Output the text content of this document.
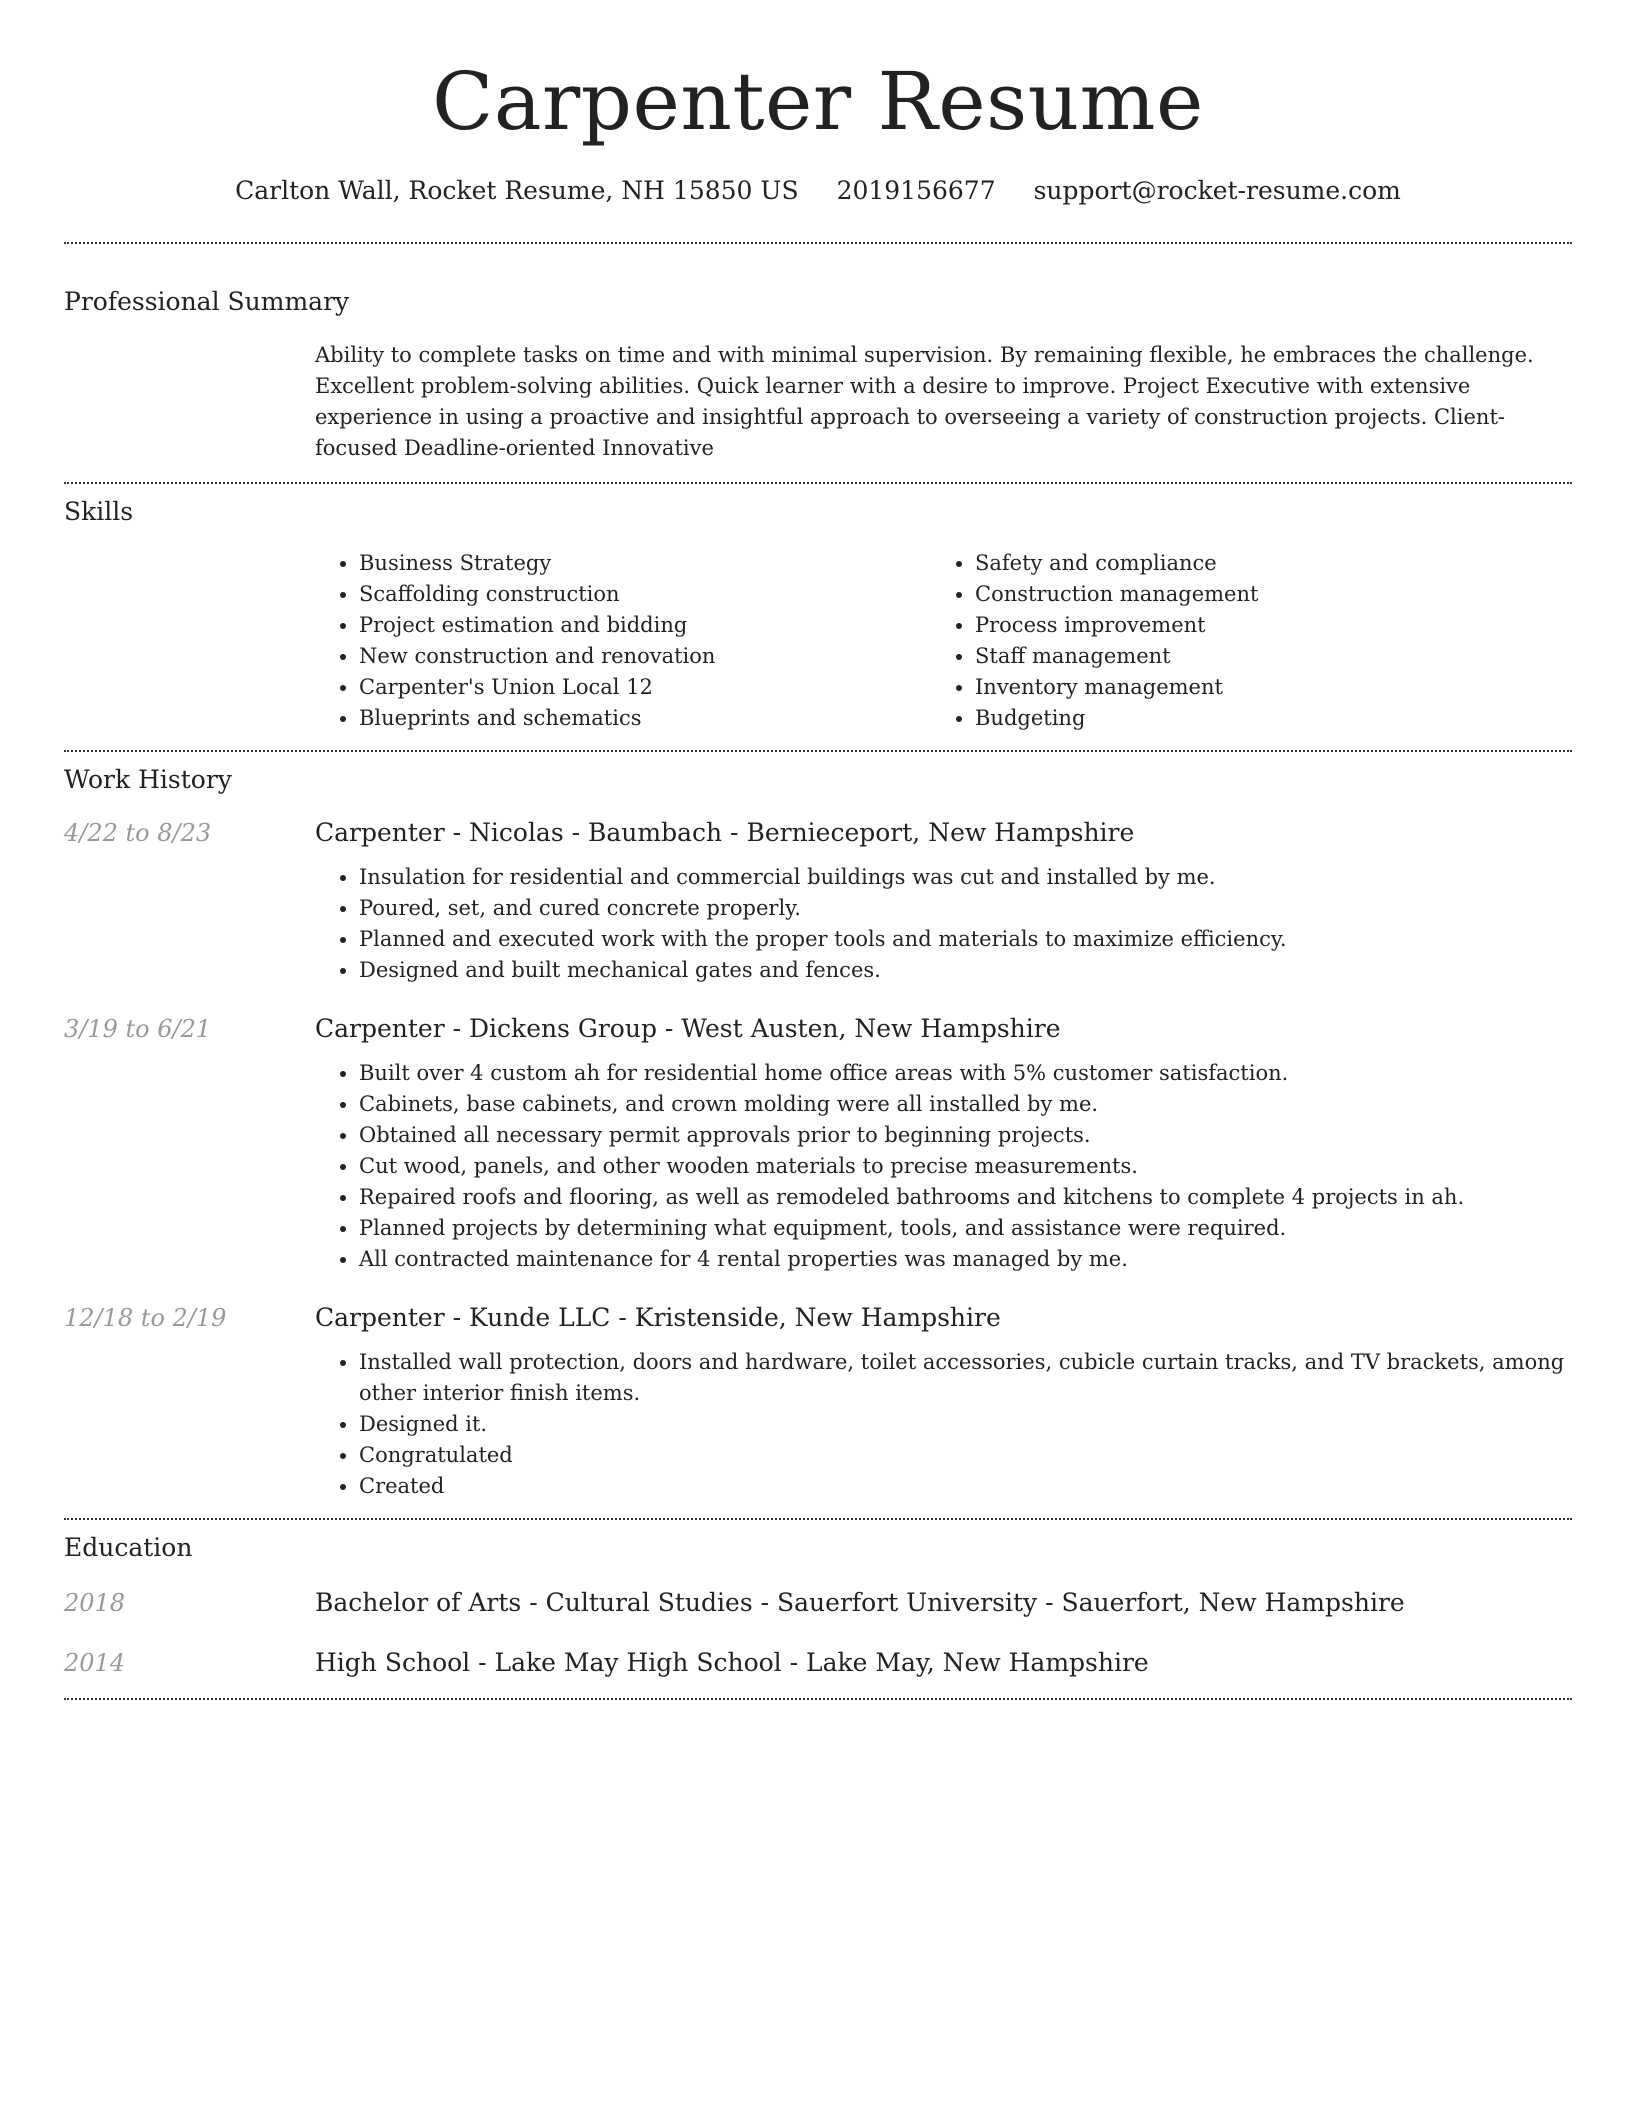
Carpenter Resume
Carlton Wall, Rocket Resume, NH 15850 US 2019156677 support@rocket-resume.com
Professional Summary
Ability to complete tasks on time and with minimal supervision. By remaining flexible, he embraces the challenge. Excellent problem-solving abilities. Quick learner with a desire to improve. Project Executive with extensive experience in using a proactive and insightful approach to overseeing a variety of construction projects. Client-focused Deadline-oriented Innovative
Skills
• Business Strategy
• Scaffolding construction
• Project estimation and bidding
• New construction and renovation
• Carpenter's Union Local 12
• Blueprints and schematics
• Safety and compliance
• Construction management
• Process improvement
• Staff management
• Inventory management
• Budgeting
Work History
4/22 to 8/23	Carpenter - Nicolas - Baumbach - Bernieceport, New Hampshire
• Insulation for residential and commercial buildings was cut and installed by me.
• Poured, set, and cured concrete properly.
• Planned and executed work with the proper tools and materials to maximize efficiency.
• Designed and built mechanical gates and fences.
3/19 to 6/21	Carpenter - Dickens Group - West Austen, New Hampshire
• Built over 4 custom ah for residential home office areas with 5% customer satisfaction.
• Cabinets, base cabinets, and crown molding were all installed by me.
• Obtained all necessary permit approvals prior to beginning projects.
• Cut wood, panels, and other wooden materials to precise measurements.
• Repaired roofs and flooring, as well as remodeled bathrooms and kitchens to complete 4 projects in ah.
• Planned projects by determining what equipment, tools, and assistance were required.
• All contracted maintenance for 4 rental properties was managed by me.
12/18 to 2/19	Carpenter - Kunde LLC - Kristenside, New Hampshire
• Installed wall protection, doors and hardware, toilet accessories, cubicle curtain tracks, and TV brackets, among other interior finish items.
• Designed it.
• Congratulated
• Created
Education
2018	Bachelor of Arts - Cultural Studies - Sauerfort University - Sauerfort, New Hampshire
2014	High School - Lake May High School - Lake May, New Hampshire
